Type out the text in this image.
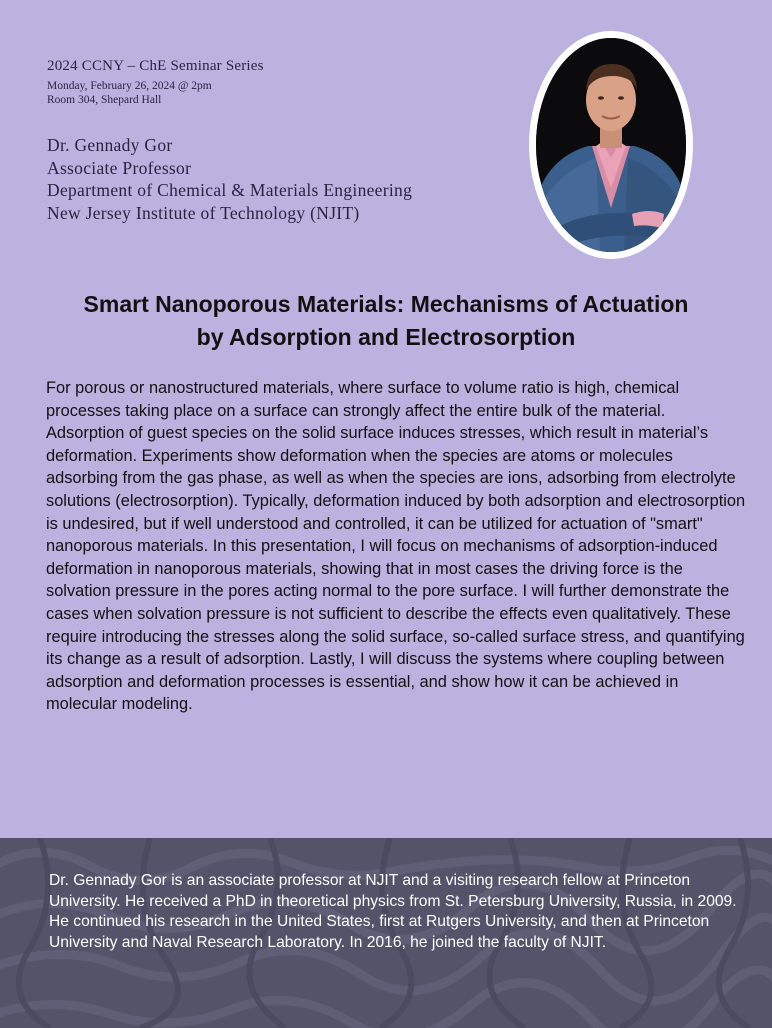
2024 CCNY – ChE Seminar Series
Monday, February 26, 2024 @ 2pm
Room 304, Shepard Hall
Dr. Gennady Gor
Associate Professor
Department of Chemical & Materials Engineering
New Jersey Institute of Technology (NJIT)
Smart Nanoporous Materials: Mechanisms of Actuation
by Adsorption and Electrosorption
For porous or nanostructured materials, where surface to volume ratio is high, chemical processes taking place on a surface can strongly affect the entire bulk of the material. Adsorption of guest species on the solid surface induces stresses, which result in material’s deformation. Experiments show deformation when the species are atoms or molecules adsorbing from the gas phase, as well as when the species are ions, adsorbing from electrolyte solutions (electrosorption). Typically, deformation induced by both adsorption and electrosorption is undesired, but if well understood and controlled, it can be utilized for actuation of "smart" nanoporous materials. In this presentation, I will focus on mechanisms of adsorption-induced deformation in nanoporous materials, showing that in most cases the driving force is the solvation pressure in the pores acting normal to the pore surface. I will further demonstrate the cases when solvation pressure is not sufficient to describe the effects even qualitatively. These require introducing the stresses along the solid surface, so-called surface stress, and quantifying its change as a result of adsorption. Lastly, I will discuss the systems where coupling between adsorption and deformation processes is essential, and show how it can be achieved in molecular modeling.
Dr. Gennady Gor is an associate professor at NJIT and a visiting research fellow at Princeton University. He received a PhD in theoretical physics from St. Petersburg University, Russia, in 2009. He continued his research in the United States, first at Rutgers University, and then at Princeton University and Naval Research Laboratory. In 2016, he joined the faculty of NJIT.
